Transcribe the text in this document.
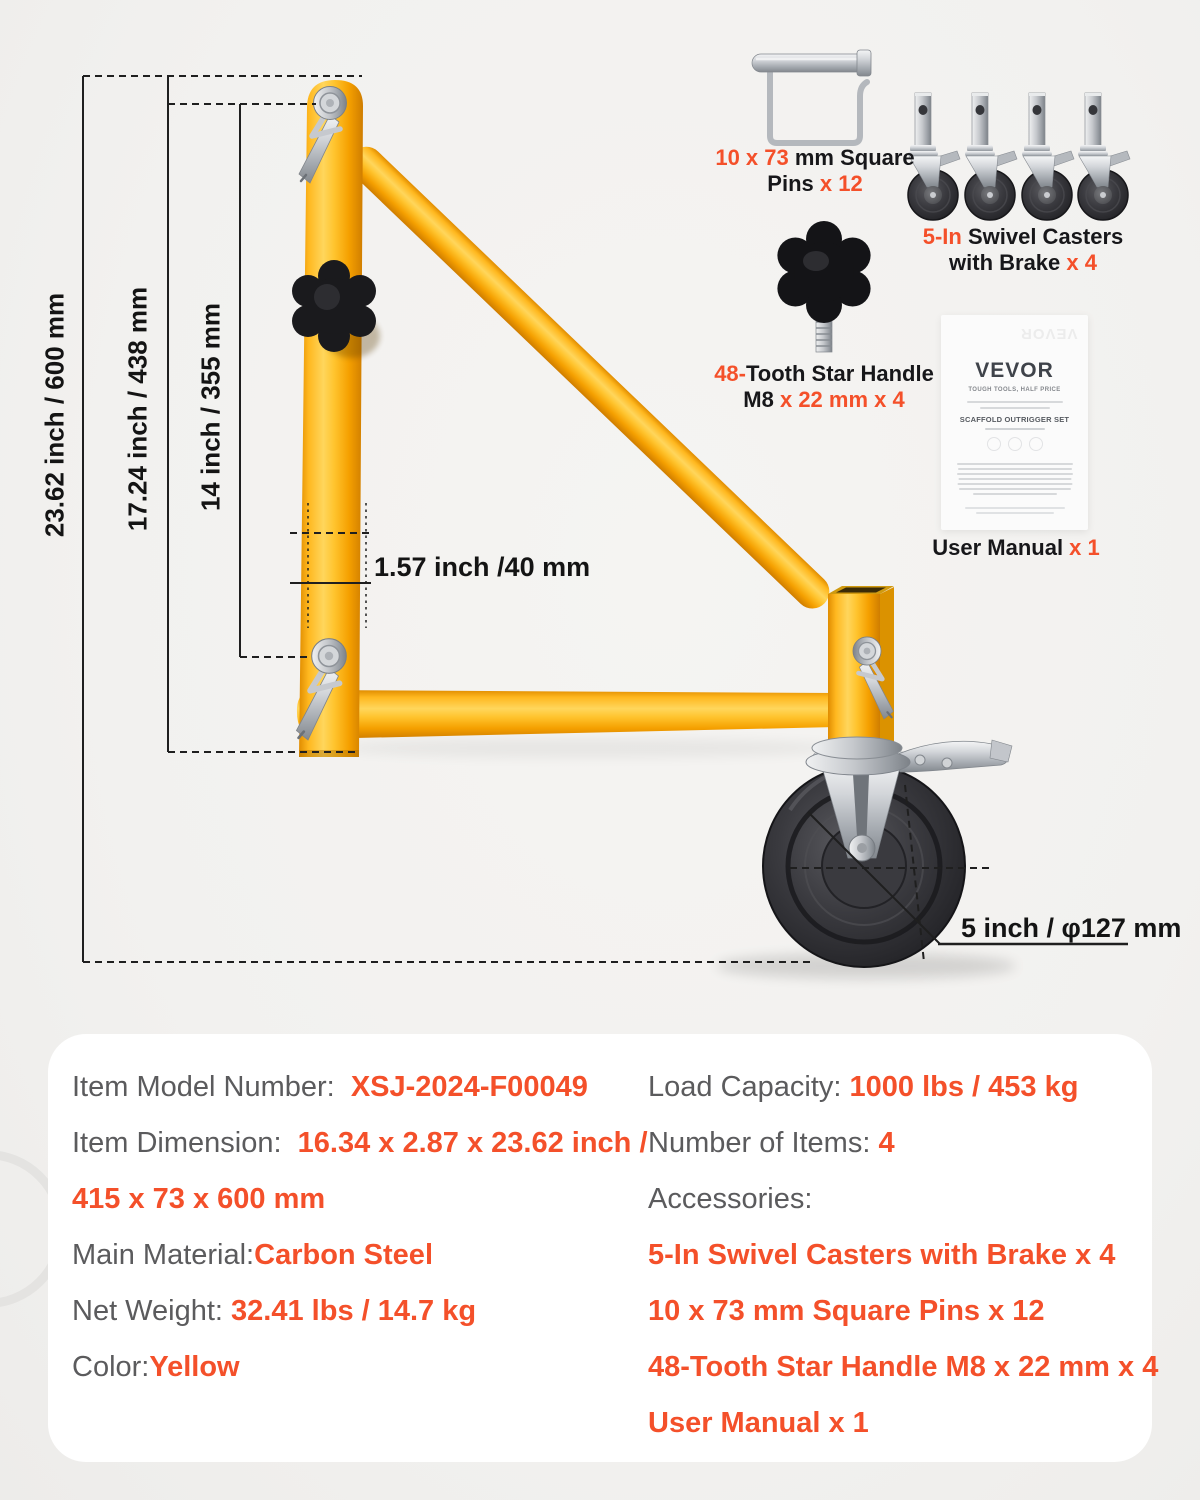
23.62 inch / 600 mm 17.24 inch / 438 mm 14 inch / 355 mm
1.57 inch /40 mm
5 inch / φ127 mm
10 x 73 mm Square
Pins x 12
5-In Swivel Casters
with Brake x 4
48-Tooth Star Handle
M8 x 22 mm x 4
User Manual x 1
VEVOR
VEVOR
TOUGH TOOLS, HALF PRICE
SCAFFOLD OUTRIGGER SET
Item Model Number:  XSJ-2024-F00049
Item Dimension:  16.34 x 2.87 x 23.62 inch /
415 x 73 x 600 mm
Main Material:Carbon Steel
Net Weight: 32.41 lbs / 14.7 kg
Color:Yellow
Load Capacity: 1000 lbs / 453 kg
Number of Items: 4
Accessories:
5-In Swivel Casters with Brake x 4
10 x 73 mm Square Pins x 12
48-Tooth Star Handle M8 x 22 mm x 4
User Manual x 1
